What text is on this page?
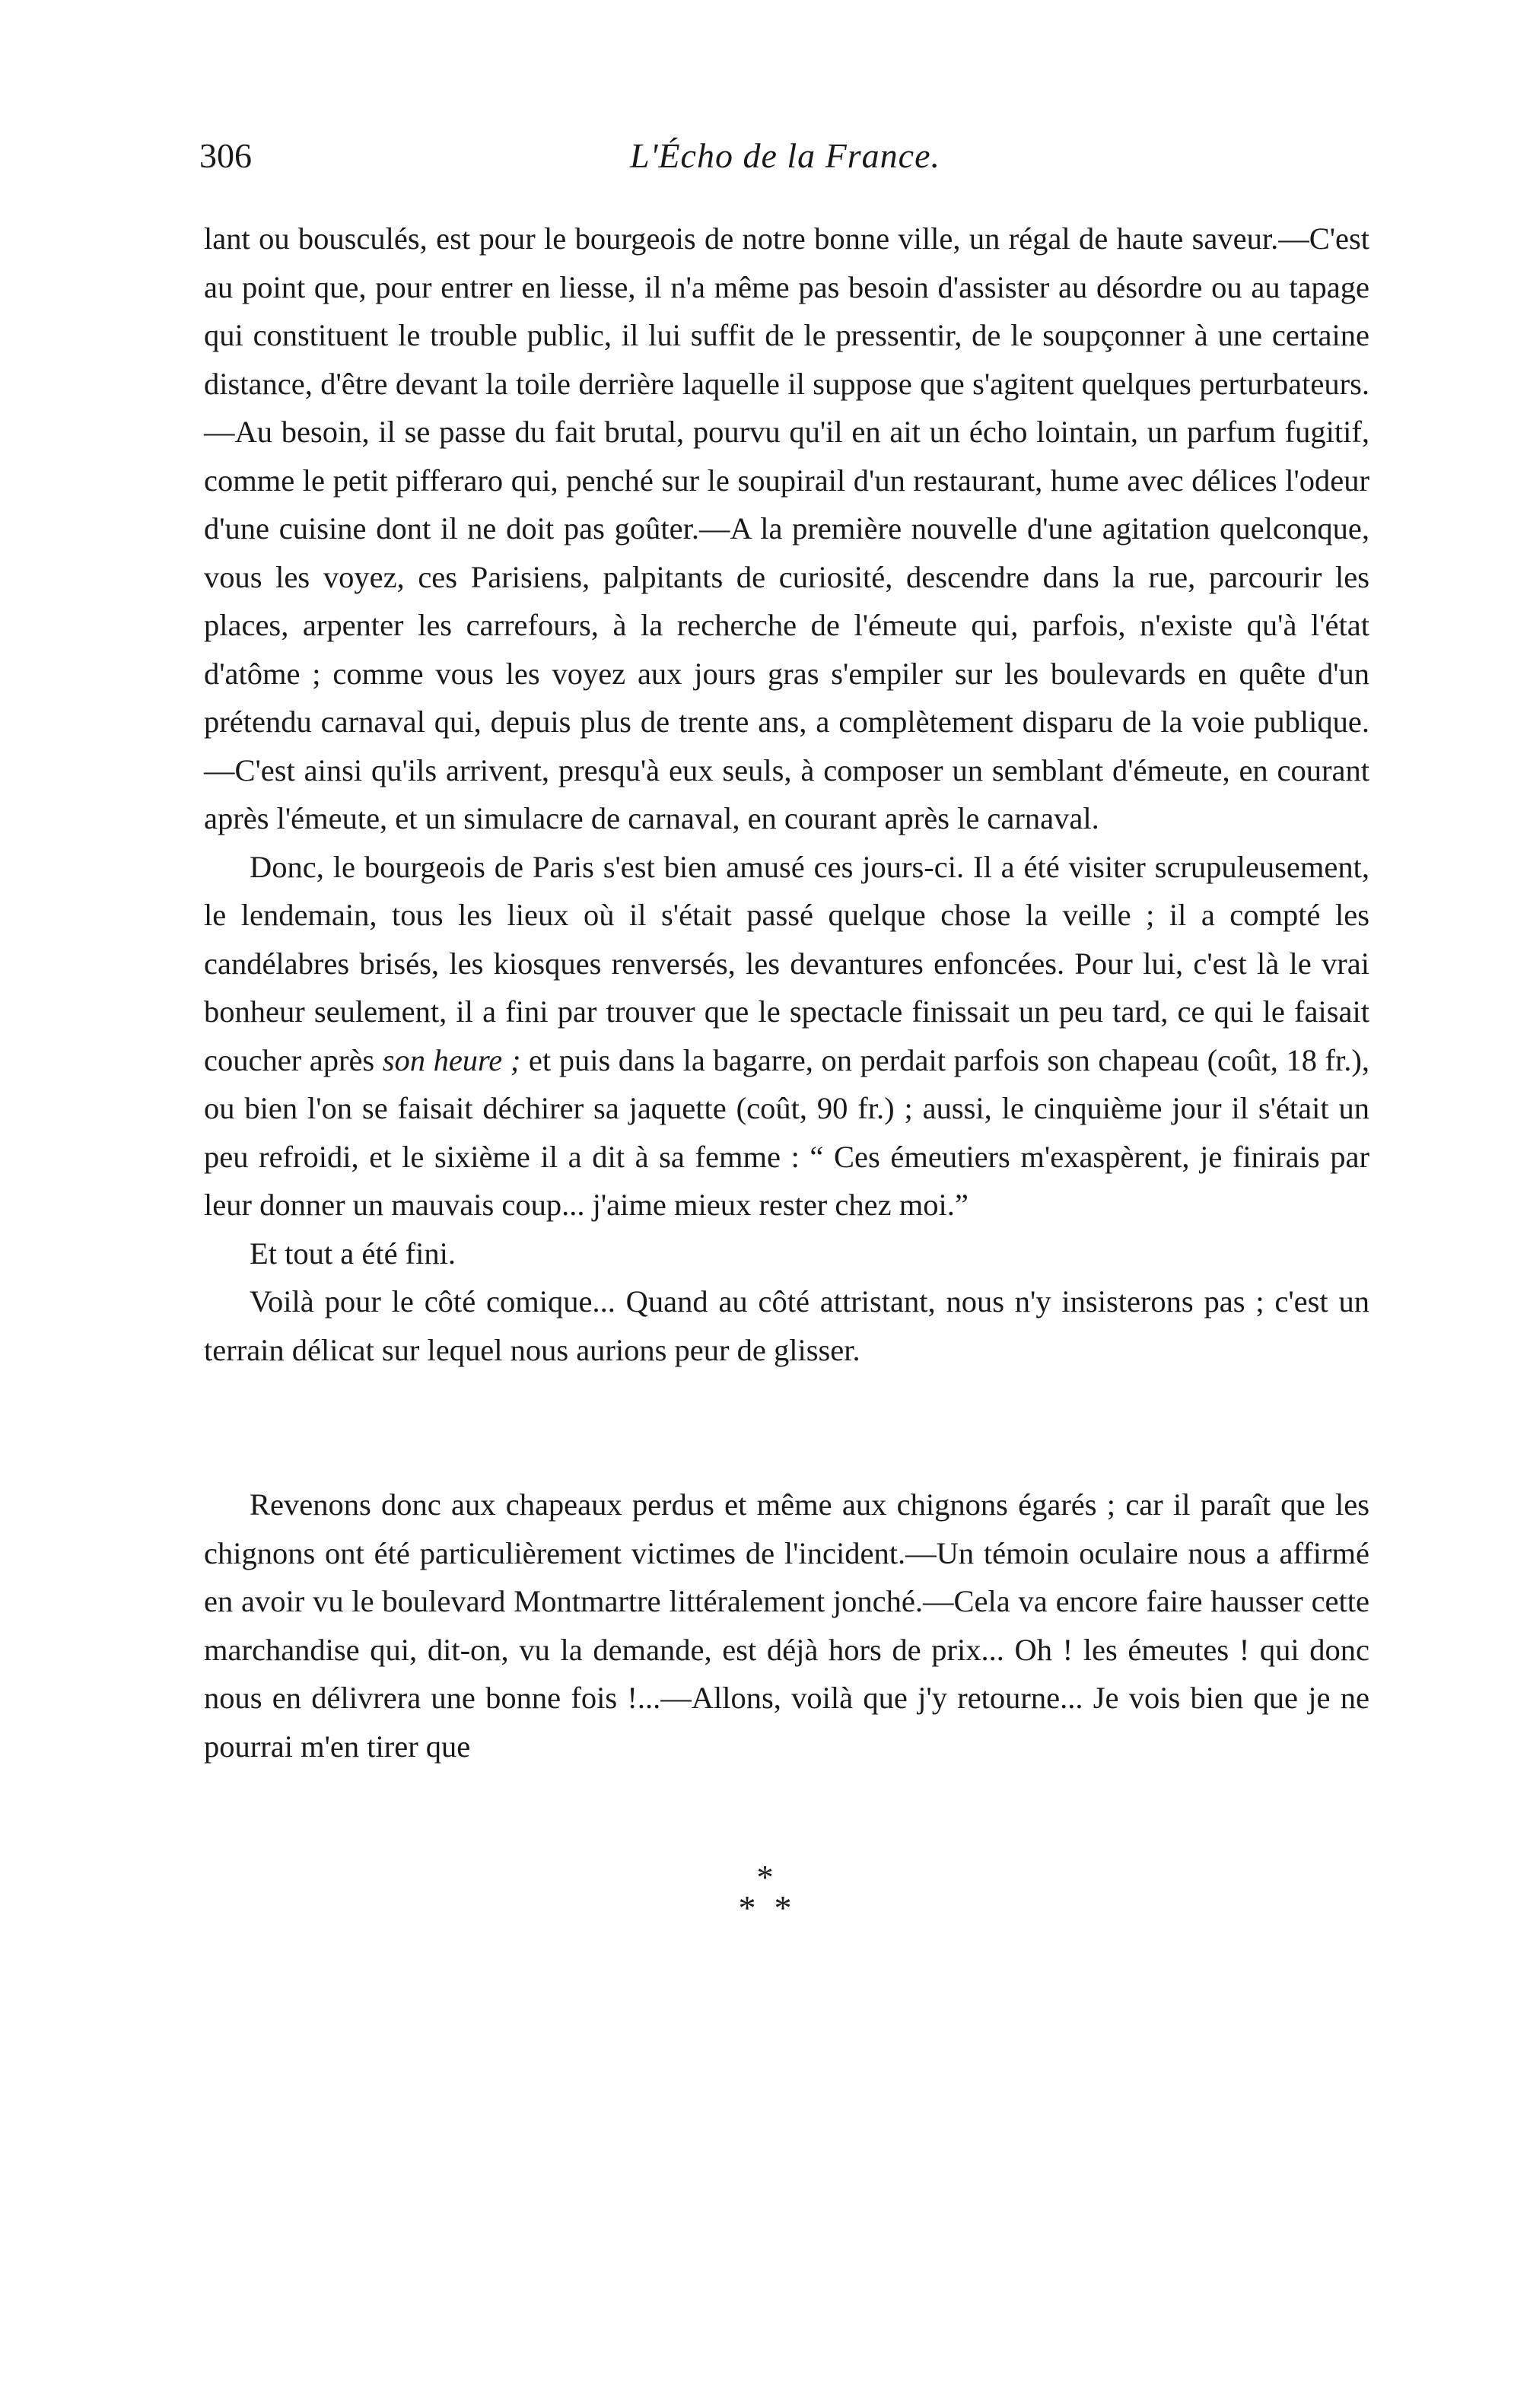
306	L'Écho de la France.

lant ou bousculés, est pour le bourgeois de notre bonne ville, un régal de haute saveur.—C'est au point que, pour entrer en liesse, il n'a même pas besoin d'assister au désordre ou au tapage qui constituent le trouble public, il lui suffit de le pressentir, de le soupçonner à une certaine distance, d'être devant la toile derrière laquelle il suppose que s'agitent quelques perturbateurs.—Au besoin, il se passe du fait brutal, pourvu qu'il en ait un écho lointain, un parfum fugitif, comme le petit pifferaro qui, penché sur le soupirail d'un restaurant, hume avec délices l'odeur d'une cuisine dont il ne doit pas goûter.—A la première nouvelle d'une agitation quelconque, vous les voyez, ces Parisiens, palpitants de curiosité, descendre dans la rue, parcourir les places, arpenter les carrefours, à la recherche de l'émeute qui, parfois, n'existe qu'à l'état d'atôme ; comme vous les voyez aux jours gras s'empiler sur les boulevards en quête d'un prétendu carnaval qui, depuis plus de trente ans, a complètement disparu de la voie publique.—C'est ainsi qu'ils arrivent, presqu'à eux seuls, à composer un semblant d'émeute, en courant après l'émeute, et un simulacre de carnaval, en courant après le carnaval.

Donc, le bourgeois de Paris s'est bien amusé ces jours-ci. Il a été visiter scrupuleusement, le lendemain, tous les lieux où il s'était passé quelque chose la veille ; il a compté les candélabres brisés, les kiosques renversés, les devantures enfoncées. Pour lui, c'est là le vrai bonheur seulement, il a fini par trouver que le spectacle finissait un peu tard, ce qui le faisait coucher après son heure ; et puis dans la bagarre, on perdait parfois son chapeau (coût, 18 fr.), ou bien l'on se faisait déchirer sa jaquette (coût, 90 fr.) ; aussi, le cinquième jour il s'était un peu refroidi, et le sixième il a dit à sa femme : “ Ces émeutiers m'exaspèrent, je finirais par leur donner un mauvais coup... j'aime mieux rester chez moi.”

Et tout a été fini.

Voilà pour le côté comique... Quand au côté attristant, nous n'y insisterons pas ; c'est un terrain délicat sur lequel nous aurions peur de glisser.

*
**

Revenons donc aux chapeaux perdus et même aux chignons égarés ; car il paraît que les chignons ont été particulièrement victimes de l'incident.—Un témoin oculaire nous a affirmé en avoir vu le boulevard Montmartre littéralement jonché.—Cela va encore faire hausser cette marchandise qui, dit-on, vu la demande, est déjà hors de prix... Oh ! les émeutes ! qui donc nous en délivrera une bonne fois !...—Allons, voilà que j'y retourne... Je vois bien que je ne pourrai m'en tirer que
